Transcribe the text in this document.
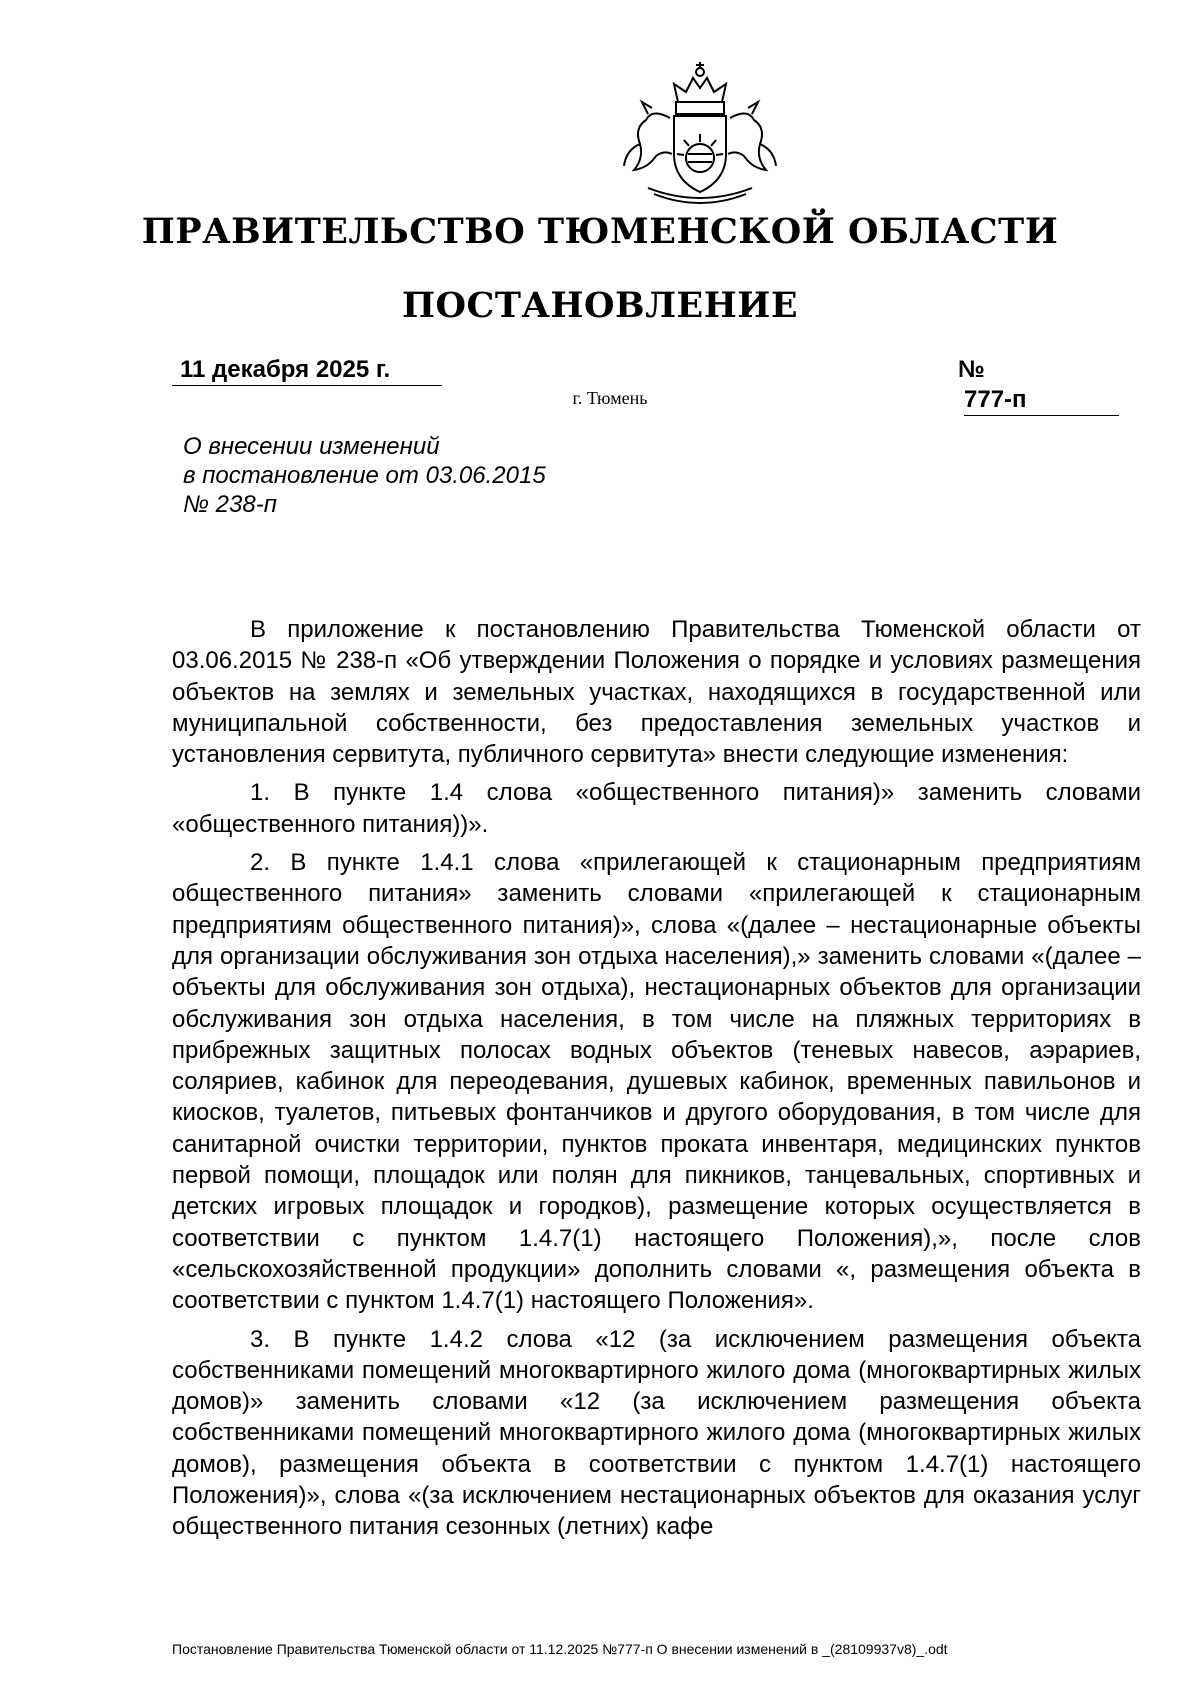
ПРАВИТЕЛЬСТВО ТЮМЕНСКОЙ ОБЛАСТИ
ПОСТАНОВЛЕНИЕ
11 декабря 2025 г.	№777-п
г. Тюмень
О внесении изменений
в постановление от 03.06.2015
№ 238-п

В приложение к постановлению Правительства Тюменской области от 03.06.2015 № 238-п «Об утверждении Положения о порядке и условиях размещения объектов на землях и земельных участках, находящихся в государственной или муниципальной собственности, без предоставления земельных участков и установления сервитута, публичного сервитута» внести следующие изменения:

1. В пункте 1.4 слова «общественного питания)» заменить словами «общественного питания))».

2. В пункте 1.4.1 слова «прилегающей к стационарным предприятиям общественного питания» заменить словами «прилегающей к стационарным предприятиям общественного питания)», слова «(далее – нестационарные объекты для организации обслуживания зон отдыха населения),» заменить словами «(далее – объекты для обслуживания зон отдыха), нестационарных объектов для организации обслуживания зон отдыха населения, в том числе на пляжных территориях в прибрежных защитных полосах водных объектов (теневых навесов, аэрариев, соляриев, кабинок для переодевания, душевых кабинок, временных павильонов и киосков, туалетов, питьевых фонтанчиков и другого оборудования, в том числе для санитарной очистки территории, пунктов проката инвентаря, медицинских пунктов первой помощи, площадок или полян для пикников, танцевальных, спортивных и детских игровых площадок и городков), размещение которых осуществляется в соответствии с пунктом 1.4.7(1) настоящего Положения),», после слов «сельскохозяйственной продукции» дополнить словами «, размещения объекта в соответствии с пунктом 1.4.7(1) настоящего Положения».

3. В пункте 1.4.2 слова «12 (за исключением размещения объекта собственниками помещений многоквартирного жилого дома (многоквартирных жилых домов)» заменить словами «12 (за исключением размещения объекта собственниками помещений многоквартирного жилого дома (многоквартирных жилых домов), размещения объекта в соответствии с пунктом 1.4.7(1) настоящего Положения)», слова «(за исключением нестационарных объектов для оказания услуг общественного питания сезонных (летних) кафе

Постановление Правительства Тюменской области от 11.12.2025 №777-п О внесении изменений в _(28109937v8)_.odt
